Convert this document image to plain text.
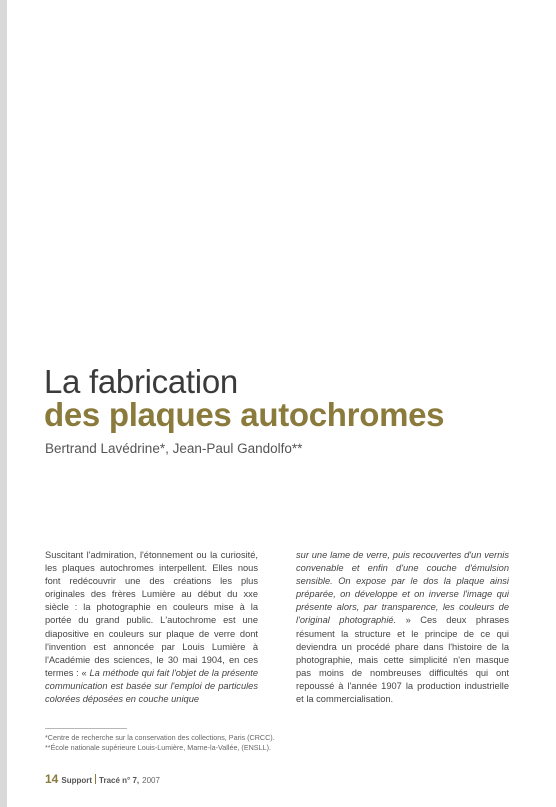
La fabrication
des plaques autochromes
Bertrand Lavédrine*, Jean-Paul Gandolfo**

Suscitant l'admiration, l'étonnement ou la curiosité, les plaques autochromes interpellent. Elles nous font redécouvrir une des créations les plus originales des frères Lumière au début du xxe siècle : la photographie en couleurs mise à la portée du grand public. L'autochrome est une diapositive en couleurs sur plaque de verre dont l'invention est annoncée par Louis Lumière à l'Académie des sciences, le 30 mai 1904, en ces termes : « La méthode qui fait l'objet de la présente communication est basée sur l'emploi de particules colorées déposées en couche unique

sur une lame de verre, puis recouvertes d'un vernis convenable et enfin d'une couche d'émulsion sensible. On expose par le dos la plaque ainsi préparée, on développe et on inverse l'image qui présente alors, par transparence, les couleurs de l'original photographié. » Ces deux phrases résument la structure et le principe de ce qui deviendra un procédé phare dans l'histoire de la photographie, mais cette simplicité n'en masque pas moins de nombreuses difficultés qui ont repoussé à l'année 1907 la production industrielle et la commercialisation.

*Centre de recherche sur la conservation des collections, Paris (CRCC).
**École nationale supérieure Louis-Lumière, Marne-la-Vallée, (ENSLL).
14 Support Tracé n° 7, 2007
